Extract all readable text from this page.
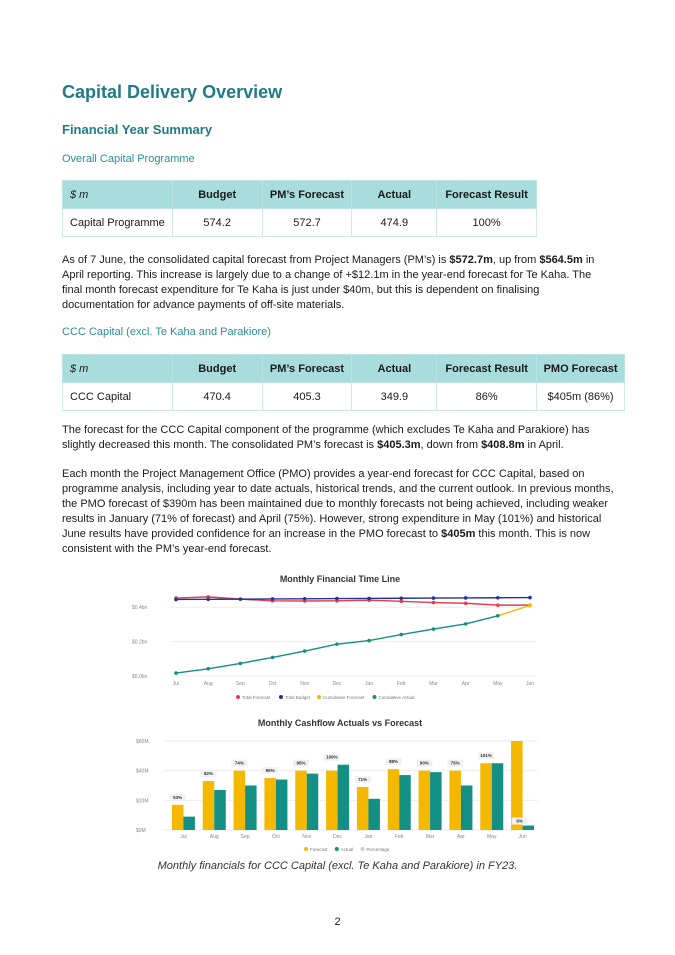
Capital Delivery Overview
Financial Year Summary
Overall Capital Programme
$ m	Budget	PM’s Forecast	Actual	Forecast Result
Capital Programme	574.2	572.7	474.9	100%

As of 7 June, the consolidated capital forecast from Project Managers (PM’s) is $572.7m, up from $564.5m in April reporting. This increase is largely due to a change of +$12.1m in the year-end forecast for Te Kaha. The final month forecast expenditure for Te Kaha is just under $40m, but this is dependent on finalising documentation for advance payments of off-site materials.

CCC Capital (excl. Te Kaha and Parakiore)
$ m	Budget	PM’s Forecast	Actual	Forecast Result	PMO Forecast
CCC Capital	470.4	405.3	349.9	86%	$405m (86%)

The forecast for the CCC Capital component of the programme (which excludes Te Kaha and Parakiore) has slightly decreased this month. The consolidated PM’s forecast is $405.3m, down from $408.8m in April.

Each month the Project Management Office (PMO) provides a year-end forecast for CCC Capital, based on programme analysis, including year to date actuals, historical trends, and the current outlook. In previous months, the PMO forecast of $390m has been maintained due to monthly forecasts not being achieved, including weaker results in January (71% of forecast) and April (75%). However, strong expenditure in May (101%) and historical June results have provided confidence for an increase in the PMO forecast to $405m this month. This is now consistent with the PM’s year-end forecast.

Monthly Financial Time Line
$0.0bn
$0.2bn
$0.4bn
Jul	Aug	Sep	Oct	Nov	Dec	Jan	Feb	Mar	Apr	May	Jun
Total Forecast	Total Budget	Cumulative Forecast	Cumulative Actual
Monthly Cashflow Actuals vs Forecast
$0M
$20M
$40M
$60M
Jul
53%
Aug
82%
Sep
74%
Oct
95%
Nov
95%
Dec
109%
Jan
71%
Feb
88%
Mar
90%
Apr
75%
May
101%
Jun
6%
Forecast	Actual	Percentage
Monthly financials for CCC Capital (excl. Te Kaha and Parakiore) in FY23.
2
